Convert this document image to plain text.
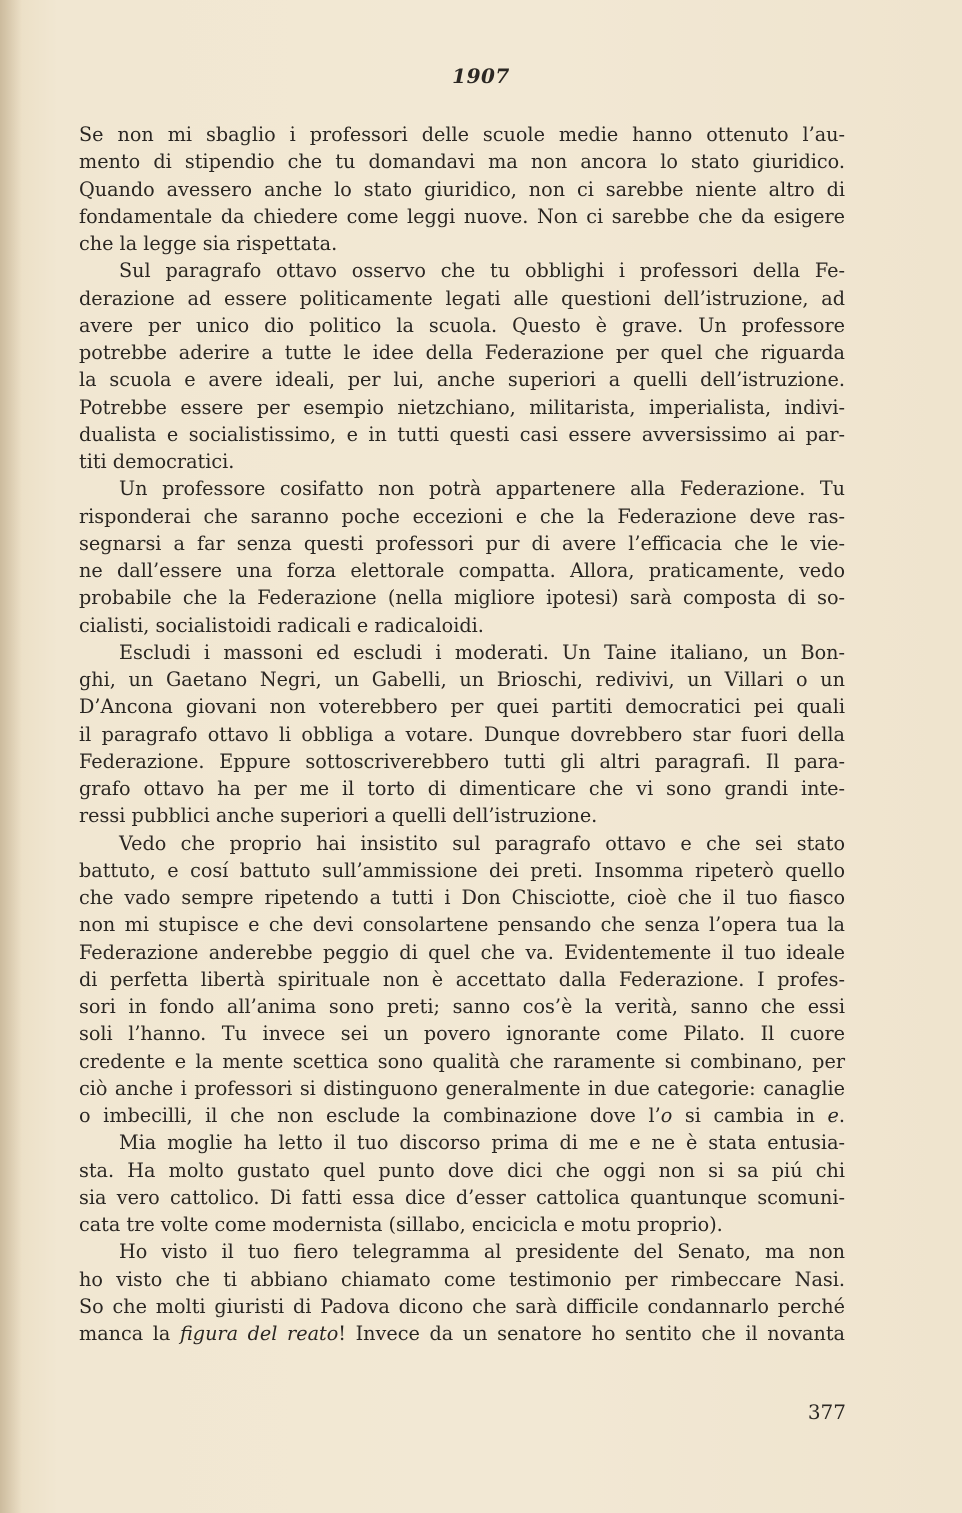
1907
Se non mi sbaglio i professori delle scuole medie hanno ottenuto l’au-
mento di stipendio che tu domandavi ma non ancora lo stato giuridico.
Quando avessero anche lo stato giuridico, non ci sarebbe niente altro di
fondamentale da chiedere come leggi nuove. Non ci sarebbe che da esigere
che la legge sia rispettata.
Sul paragrafo ottavo osservo che tu obblighi i professori della Fe-
derazione ad essere politicamente legati alle questioni dell’istruzione, ad
avere per unico dio politico la scuola. Questo è grave. Un professore
potrebbe aderire a tutte le idee della Federazione per quel che riguarda
la scuola e avere ideali, per lui, anche superiori a quelli dell’istruzione.
Potrebbe essere per esempio nietzchiano, militarista, imperialista, indivi-
dualista e socialistissimo, e in tutti questi casi essere avversissimo ai par-
titi democratici.
Un professore cosifatto non potrà appartenere alla Federazione. Tu
risponderai che saranno poche eccezioni e che la Federazione deve ras-
segnarsi a far senza questi professori pur di avere l’efficacia che le vie-
ne dall’essere una forza elettorale compatta. Allora, praticamente, vedo
probabile che la Federazione (nella migliore ipotesi) sarà composta di so-
cialisti, socialistoidi radicali e radicaloidi.
Escludi i massoni ed escludi i moderati. Un Taine italiano, un Bon-
ghi, un Gaetano Negri, un Gabelli, un Brioschi, redivivi, un Villari o un
D’Ancona giovani non voterebbero per quei partiti democratici pei quali
il paragrafo ottavo li obbliga a votare. Dunque dovrebbero star fuori della
Federazione. Eppure sottoscriverebbero tutti gli altri paragrafi. Il para-
grafo ottavo ha per me il torto di dimenticare che vi sono grandi inte-
ressi pubblici anche superiori a quelli dell’istruzione.
Vedo che proprio hai insistito sul paragrafo ottavo e che sei stato
battuto, e cosí battuto sull’ammissione dei preti. Insomma ripeterò quello
che vado sempre ripetendo a tutti i Don Chisciotte, cioè che il tuo fiasco
non mi stupisce e che devi consolartene pensando che senza l’opera tua la
Federazione anderebbe peggio di quel che va. Evidentemente il tuo ideale
di perfetta libertà spirituale non è accettato dalla Federazione. I profes-
sori in fondo all’anima sono preti; sanno cos’è la verità, sanno che essi
soli l’hanno. Tu invece sei un povero ignorante come Pilato. Il cuore
credente e la mente scettica sono qualità che raramente si combinano, per
ciò anche i professori si distinguono generalmente in due categorie: canaglie
o imbecilli, il che non esclude la combinazione dove l’o si cambia in e.
Mia moglie ha letto il tuo discorso prima di me e ne è stata entusia-
sta. Ha molto gustato quel punto dove dici che oggi non si sa piú chi
sia vero cattolico. Di fatti essa dice d’esser cattolica quantunque scomuni-
cata tre volte come modernista (sillabo, enciciclа e motu proprio).
Ho visto il tuo fiero telegramma al presidente del Senato, ma non
ho visto che ti abbiano chiamato come testimonio per rimbeccare Nasi.
So che molti giuristi di Padova dicono che sarà difficile condannarlo perché
manca la figura del reato! Invece da un senatore ho sentito che il novanta
377
